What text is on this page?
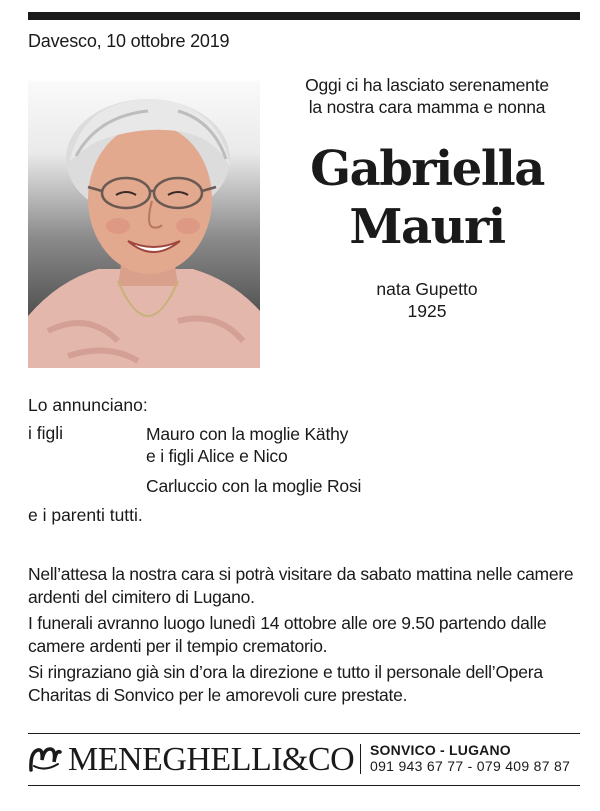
Davesco, 10 ottobre 2019
Oggi ci ha lasciato serenamente
la nostra cara mamma e nonna
Gabriella
Mauri
nata Gupetto
1925
Lo annunciano:
i figli	Mauro con la moglie Käthy
e i figli Alice e Nico
Carluccio con la moglie Rosi
e i parenti tutti.

Nell’attesa la nostra cara si potrà visitare da sabato mattina nelle camere ardenti del cimitero di Lugano.

I funerali avranno luogo lunedì 14 ottobre alle ore 9.50 partendo dalle camere ardenti per il tempio crematorio.

Si ringraziano già sin d’ora la direzione e tutto il personale dell’Opera Charitas di Sonvico per le amorevoli cure prestate.

MENEGHELLI&CO SONVICO - LUGANO
091 943 67 77 - 079 409 87 87
